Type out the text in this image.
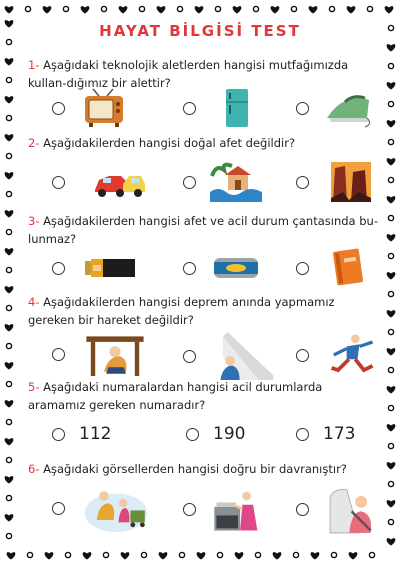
HAYAT BİLGİSİ TEST
1- Aşağıdaki teknolojik aletlerden hangisi mutfağımızda kullan-dığımız bir alettir?
2- Aşağıdakilerden hangisi doğal afet değildir?
3- Aşağıdakilerden hangisi afet ve acil durum çantasında bu-lunmaz?
4- Aşağıdakilerden hangisi deprem anında yapmamız gereken bir hareket değildir?
5- Aşağıdaki numaralardan hangisi acil durumlarda aramamız gereken numaradır?
112	190	173
6- Aşağıdaki görsellerden hangisi doğru bir davranıştır?
